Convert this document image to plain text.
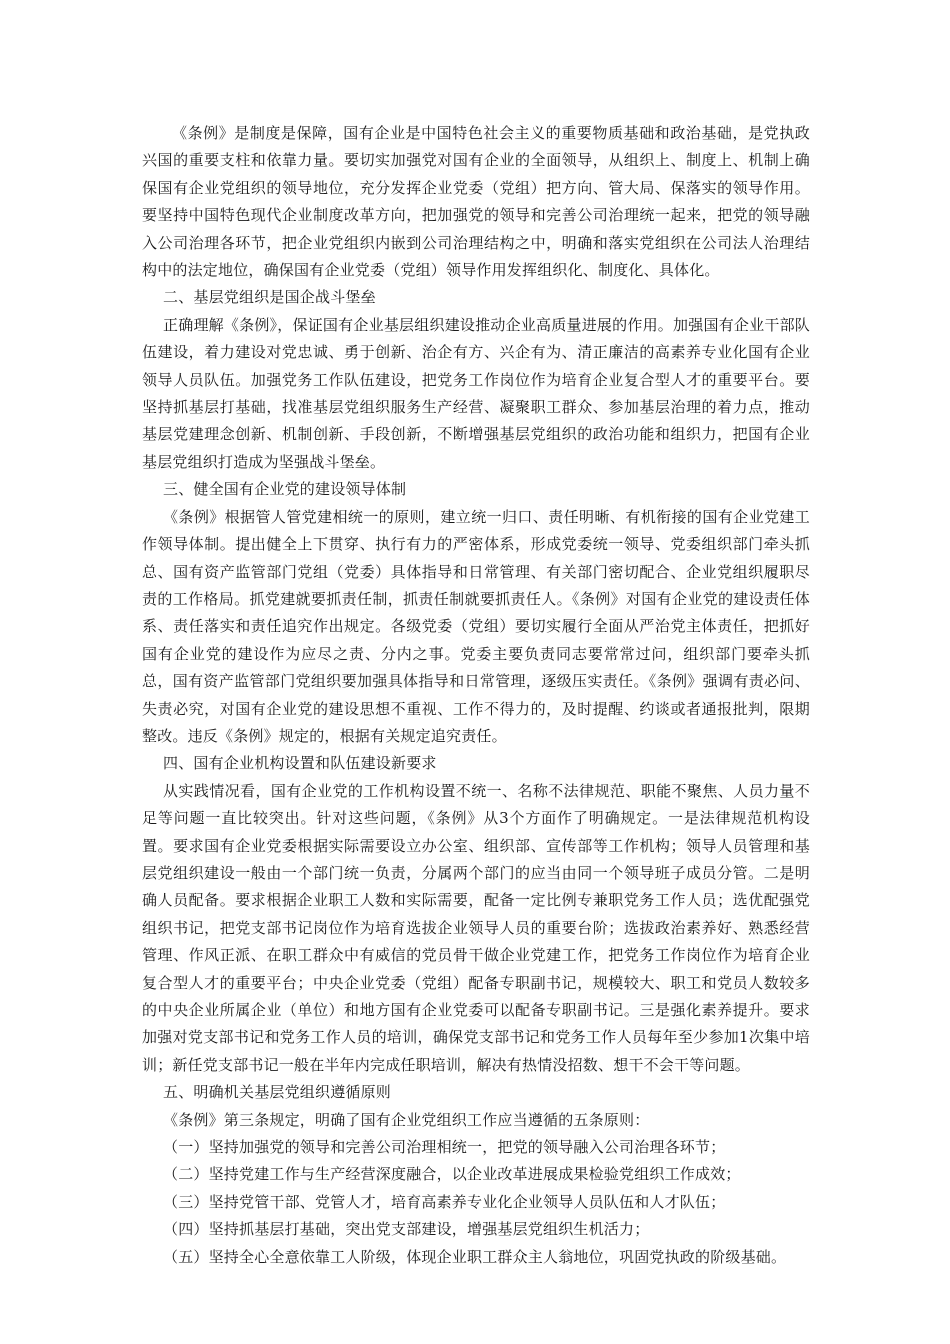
《条例》是制度是保障，国有企业是中国特色社会主义的重要物质基础和政治基础，是党执政兴国的重要支柱和依靠力量。要切实加强党对国有企业的全面领导，从组织上、制度上、机制上确保国有企业党组织的领导地位，充分发挥企业党委（党组）把方向、管大局、保落实的领导作用。要坚持中国特色现代企业制度改革方向，把加强党的领导和完善公司治理统一起来，把党的领导融入公司治理各环节，把企业党组织内嵌到公司治理结构之中，明确和落实党组织在公司法人治理结构中的法定地位，确保国有企业党委（党组）领导作用发挥组织化、制度化、具体化。

二、基层党组织是国企战斗堡垒

正确理解《条例》，保证国有企业基层组织建设推动企业高质量进展的作用。加强国有企业干部队伍建设，着力建设对党忠诚、勇于创新、治企有方、兴企有为、清正廉洁的高素养专业化国有企业领导人员队伍。加强党务工作队伍建设，把党务工作岗位作为培育企业复合型人才的重要平台。要坚持抓基层打基础，找准基层党组织服务生产经营、凝聚职工群众、参加基层治理的着力点，推动基层党建理念创新、机制创新、手段创新，不断增强基层党组织的政治功能和组织力，把国有企业基层党组织打造成为坚强战斗堡垒。

三、健全国有企业党的建设领导体制

《条例》根据管人管党建相统一的原则，建立统一归口、责任明晰、有机衔接的国有企业党建工作领导体制。提出健全上下贯穿、执行有力的严密体系，形成党委统一领导、党委组织部门牵头抓总、国有资产监管部门党组（党委）具体指导和日常管理、有关部门密切配合、企业党组织履职尽责的工作格局。抓党建就要抓责任制，抓责任制就要抓责任人。《条例》对国有企业党的建设责任体系、责任落实和责任追究作出规定。各级党委（党组）要切实履行全面从严治党主体责任，把抓好国有企业党的建设作为应尽之责、分内之事。党委主要负责同志要常常过问，组织部门要牵头抓总，国有资产监管部门党组织要加强具体指导和日常管理，逐级压实责任。《条例》强调有责必问、失责必究，对国有企业党的建设思想不重视、工作不得力的，及时提醒、约谈或者通报批判，限期整改。违反《条例》规定的，根据有关规定追究责任。

四、国有企业机构设置和队伍建设新要求

从实践情况看，国有企业党的工作机构设置不统一、名称不法律规范、职能不聚焦、人员力量不足等问题一直比较突出。针对这些问题，《条例》从3个方面作了明确规定。一是法律规范机构设置。要求国有企业党委根据实际需要设立办公室、组织部、宣传部等工作机构；领导人员管理和基层党组织建设一般由一个部门统一负责，分属两个部门的应当由同一个领导班子成员分管。二是明确人员配备。要求根据企业职工人数和实际需要，配备一定比例专兼职党务工作人员；选优配强党组织书记，把党支部书记岗位作为培育选拔企业领导人员的重要台阶；选拔政治素养好、熟悉经营管理、作风正派、在职工群众中有威信的党员骨干做企业党建工作，把党务工作岗位作为培育企业复合型人才的重要平台；中央企业党委（党组）配备专职副书记，规模较大、职工和党员人数较多的中央企业所属企业（单位）和地方国有企业党委可以配备专职副书记。三是强化素养提升。要求加强对党支部书记和党务工作人员的培训，确保党支部书记和党务工作人员每年至少参加1次集中培训；新任党支部书记一般在半年内完成任职培训，解决有热情没招数、想干不会干等问题。

五、明确机关基层党组织遵循原则

《条例》第三条规定，明确了国有企业党组织工作应当遵循的五条原则：

（一）坚持加强党的领导和完善公司治理相统一，把党的领导融入公司治理各环节；

（二）坚持党建工作与生产经营深度融合，以企业改革进展成果检验党组织工作成效；

（三）坚持党管干部、党管人才，培育高素养专业化企业领导人员队伍和人才队伍；

（四）坚持抓基层打基础，突出党支部建设，增强基层党组织生机活力；

（五）坚持全心全意依靠工人阶级，体现企业职工群众主人翁地位，巩固党执政的阶级基础。
